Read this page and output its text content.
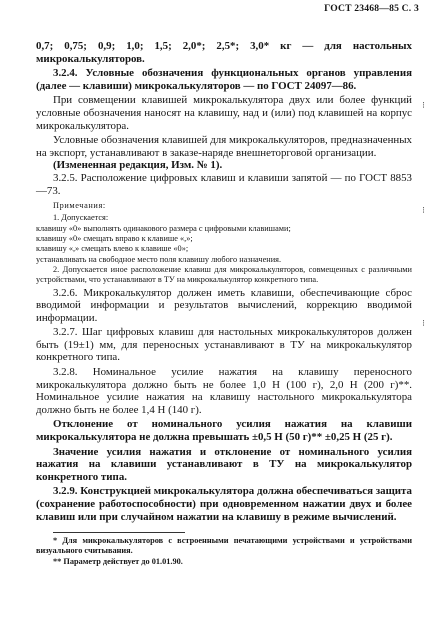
ГОСТ 23468—85 С. 3
⁝
⁝
⁝

0,7; 0,75; 0,9; 1,0; 1,5; 2,0*; 2,5*; 3,0* кг — для настольных микрокалькуляторов.

3.2.4. Условные обозначения функциональных органов управления (далее — клавиши) микрокалькуляторов — по ГОСТ 24097—86.

При совмещении клавишей микрокалькулятора двух или более функций условные обозначения наносят на клавишу, над и (или) под клавишей на корпус микрокалькулятора.

Условные обозначения клавишей для микрокалькуляторов, предназначенных на экспорт, устанавливают в заказе-наряде внешнеторговой организации.

(Измененная редакция, Изм. № 1).

3.2.5. Расположение цифровых клавиш и клавиши запятой — по ГОСТ 8853—73.

Примечания:

1. Допускается:

клавишу «0» выполнять одинакового размера с цифровыми клавишами;

клавишу «0» смещать вправо к клавише «,»;

клавишу «,» смещать влево к клавише «0»;

устанавливать на свободное место поля клавишу любого назначения.

2. Допускается иное расположение клавиш для микрокалькуляторов, совмещенных с различными устройствами, что устанавливают в ТУ на микрокалькулятор конкретного типа.

3.2.6. Микрокалькулятор должен иметь клавиши, обеспечивающие сброс вводимой информации и результатов вычислений, коррекцию вводимой информации.

3.2.7. Шаг цифровых клавиш для настольных микрокалькуляторов должен быть (19±1) мм, для переносных устанавливают в ТУ на микрокалькулятор конкретного типа.

3.2.8. Номинальное усилие нажатия на клавишу переносного микрокалькулятора должно быть не более 1,0 Н (100 г), 2,0 Н (200 г)**. Номинальное усилие нажатия на клавишу настольного микрокалькулятора должно быть не более 1,4 Н (140 г).

Отклонение от номинального усилия нажатия на клавиши микрокалькулятора не должна превышать ±0,5 Н (50 г)** ±0,25 Н (25 г).

Значение усилия нажатия и отклонение от номинального усилия нажатия на клавиши устанавливают в ТУ на микрокалькулятор конкретного типа.

3.2.9. Конструкцией микрокалькулятора должна обеспечиваться защита (сохранение работоспособности) при одновременном нажатии двух и более клавиш или при случайном нажатии на клавишу в режиме вычислений.

* Для микрокалькуляторов с встроенными печатающими устройствами и устройствами визуального считывания.

** Параметр действует до 01.01.90.
